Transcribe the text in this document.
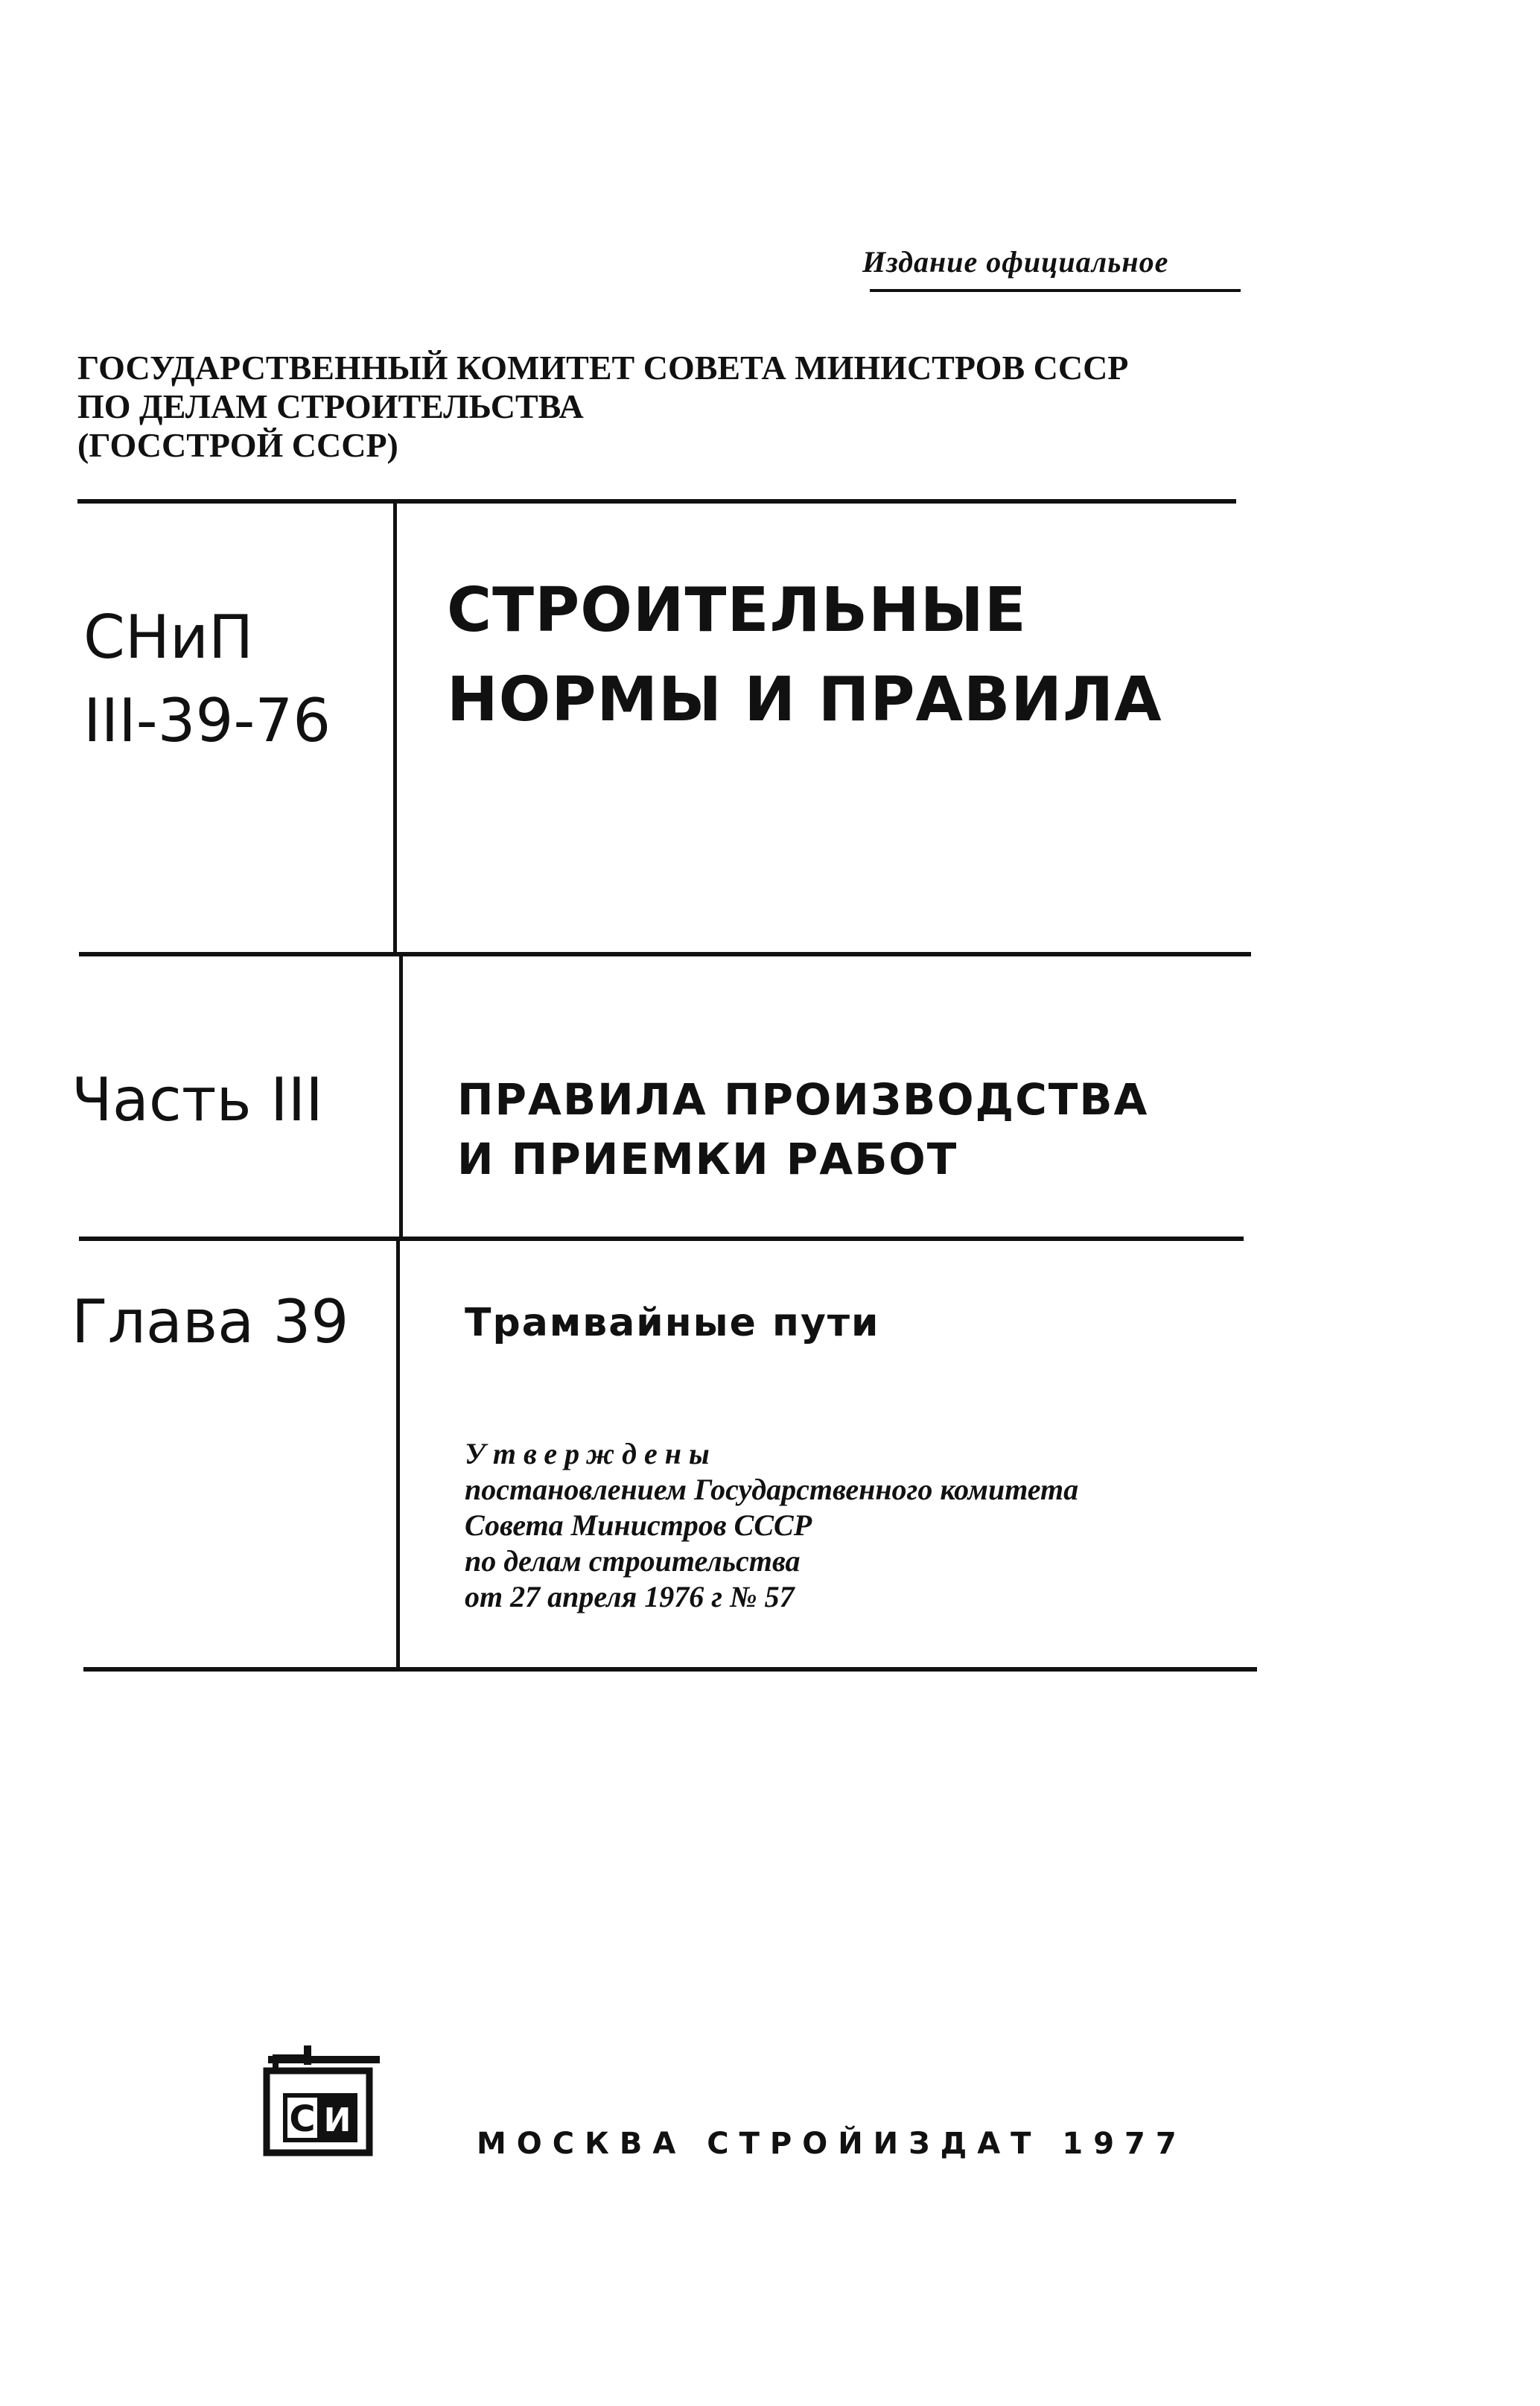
Издание официальное
ГОСУДАРСТВЕННЫЙ КОМИТЕТ СОВЕТА МИНИСТРОВ СССР
ПО ДЕЛАМ СТРОИТЕЛЬСТВА
(ГОССТРОЙ СССР)
СНиП
III-39-76
СТРОИТЕЛЬНЫЕ
НОРМЫ И ПРАВИЛА
Часть III	ПРАВИЛА ПРОИЗВОДСТВА
И ПРИЕМКИ РАБОТ
Глава 39	Трамвайные пути
Утверждены
постановлением Государственного комитета
Совета Министров СССР
по делам строительства
от 27 апреля 1976 г № 57
С И
МОСКВА СТРОЙИЗДАТ 1977
